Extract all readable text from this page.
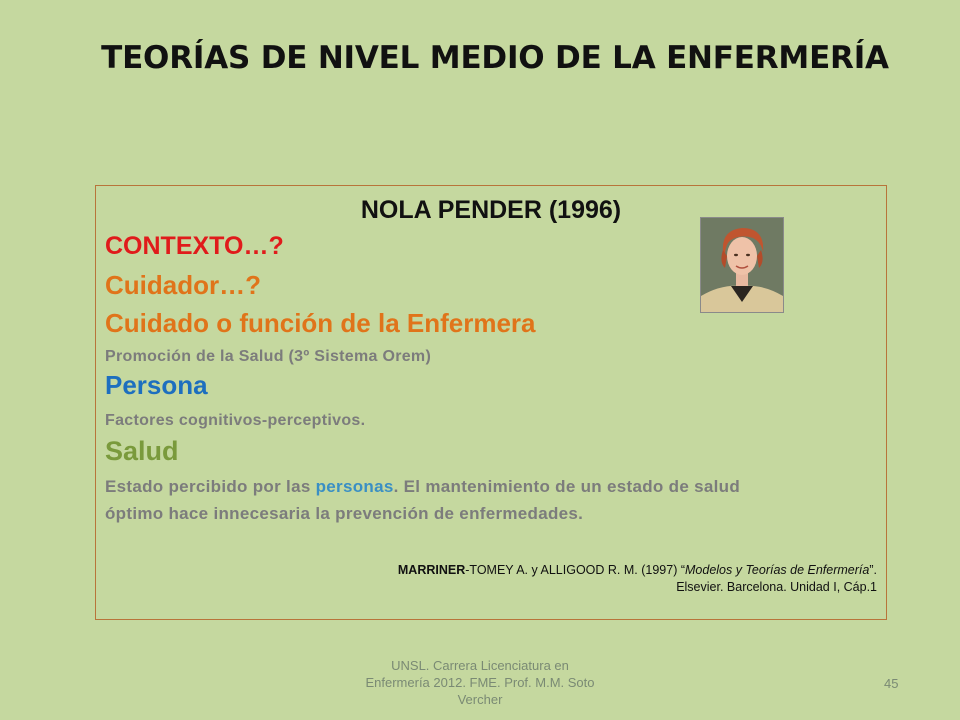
TEORÍAS DE NIVEL MEDIO DE LA ENFERMERÍA
NOLA PENDER (1996)
CONTEXTO…?
Cuidador…?
Cuidado o función de la Enfermera
Promoción de la Salud (3º Sistema Orem)
Persona
Factores cognitivos-perceptivos.
Salud
Estado percibido por las personas. El mantenimiento de un estado de salud
óptimo hace innecesaria la prevención de enfermedades.
MARRINER-TOMEY A. y ALLIGOOD R. M. (1997) “Modelos y Teorías de Enfermería”.
Elsevier. Barcelona. Unidad I, Cáp.1
UNSL. Carrera Licenciatura en
Enfermería 2012. FME. Prof. M.M. Soto
Vercher
45
